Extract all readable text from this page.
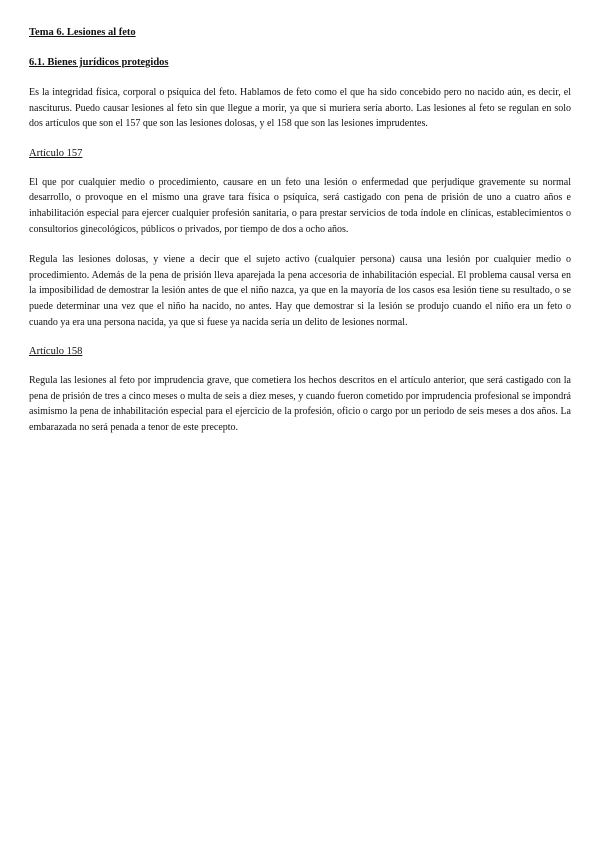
Tema 6. Lesiones al feto

6.1. Bienes jurídicos protegidos

Es la integridad física, corporal o psíquica del feto. Hablamos de feto como el que ha sido concebido pero no nacido aún, es decir, el nasciturus. Puedo causar lesiones al feto sin que llegue a morir, ya que si muriera sería aborto. Las lesiones al feto se regulan en solo dos artículos que son el 157 que son las lesiones dolosas, y el 158 que son las lesiones imprudentes.

Artículo 157

El que por cualquier medio o procedimiento, causare en un feto una lesión o enfermedad que perjudique gravemente su normal desarrollo, o provoque en el mismo una grave tara física o psíquica, será castigado con pena de prisión de uno a cuatro años e inhabilitación especial para ejercer cualquier profesión sanitaria, o para prestar servicios de toda índole en clínicas, establecimientos o consultorios ginecológicos, públicos o privados, por tiempo de dos a ocho años.

Regula las lesiones dolosas, y viene a decir que el sujeto activo (cualquier persona) causa una lesión por cualquier medio o procedimiento. Además de la pena de prisión lleva aparejada la pena accesoria de inhabilitación especial. El problema causal versa en la imposibilidad de demostrar la lesión antes de que el niño nazca, ya que en la mayoría de los casos esa lesión tiene su resultado, o se puede determinar una vez que el niño ha nacido, no antes. Hay que demostrar si la lesión se produjo cuando el niño era un feto o cuando ya era una persona nacida, ya que si fuese ya nacida sería un delito de lesiones normal.

Artículo 158

Regula las lesiones al feto por imprudencia grave, que cometiera los hechos descritos en el artículo anterior, que será castigado con la pena de prisión de tres a cinco meses o multa de seis a diez meses, y cuando fueron cometido por imprudencia profesional se impondrá asimismo la pena de inhabilitación especial para el ejercicio de la profesión, oficio o cargo por un periodo de seis meses a dos años. La embarazada no será penada a tenor de este precepto.
